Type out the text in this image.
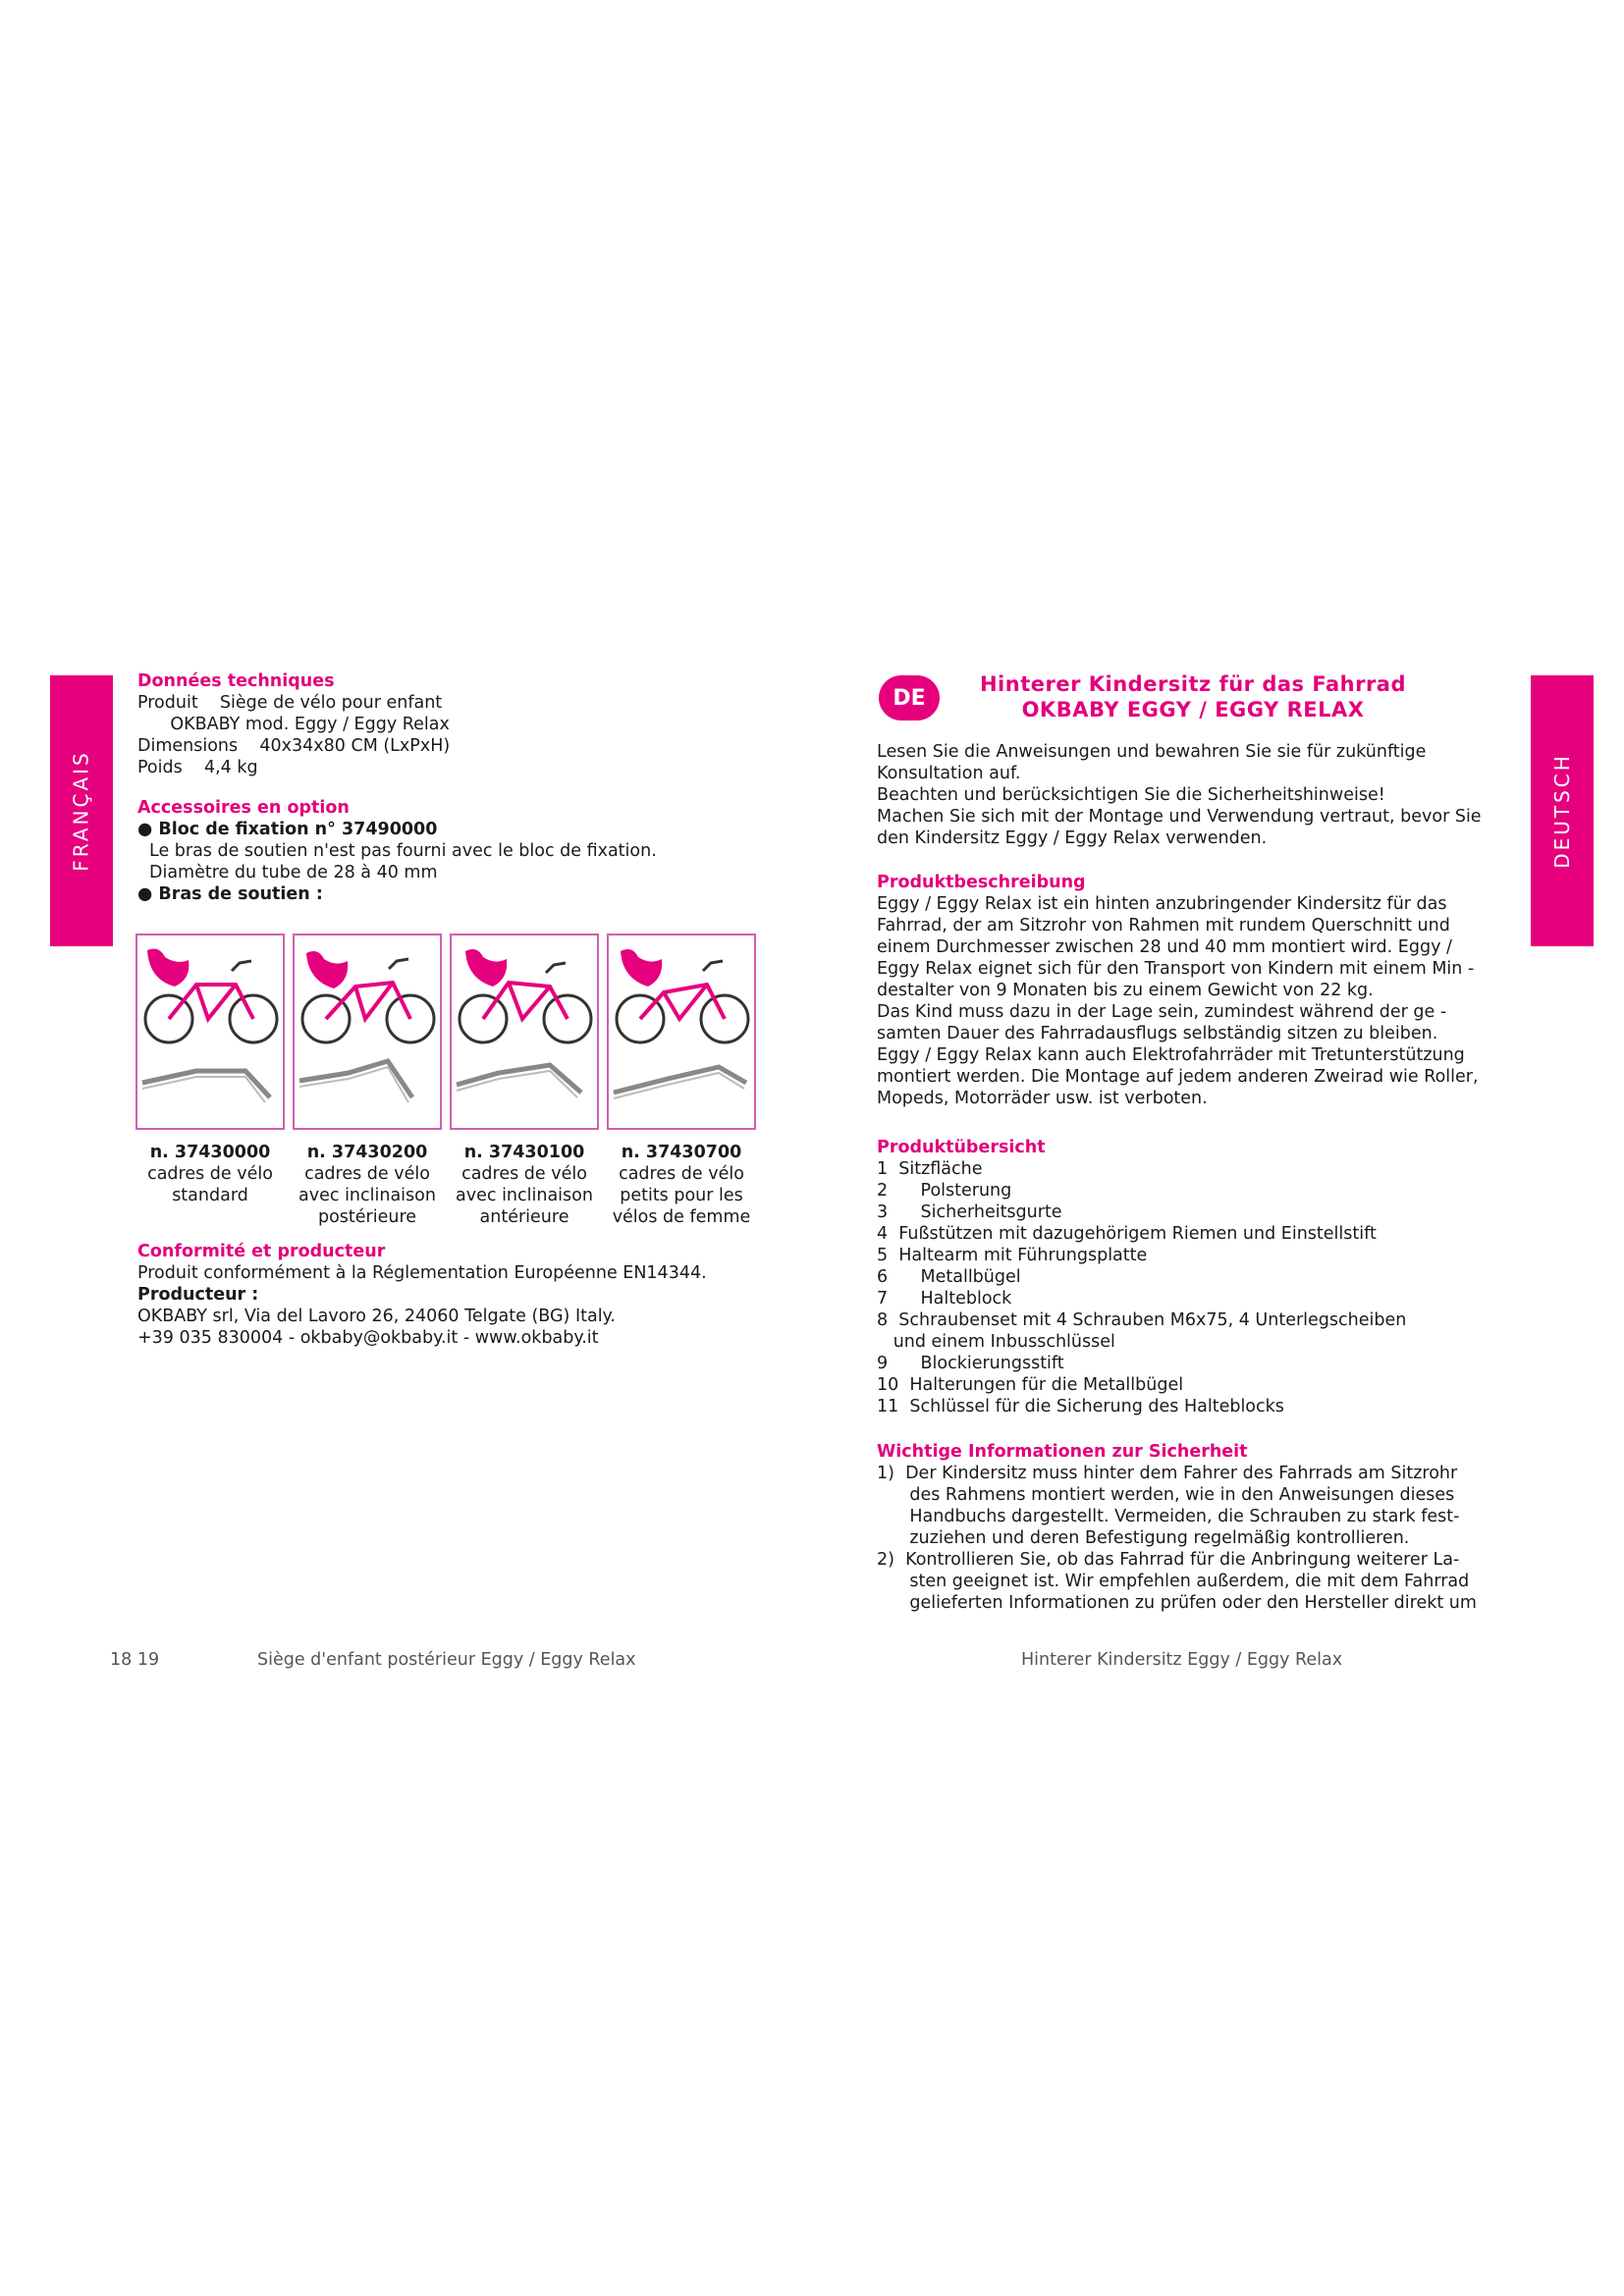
FRANÇAIS	DEUTSCH

Données techniques

Produit    Siège de vélo pour enfant

OKBABY mod. Eggy / Eggy Relax

Dimensions    40x34x80 CM (LxPxH)

Poids    4,4 kg

Accessoires en option

● Bloc de fixation n° 37490000

Le bras de soutien n'est pas fourni avec le bloc de fixation.

Diamètre du tube de 28 à 40 mm

● Bras de soutien :

n. 37430000
cadres de vélo
standard
n. 37430200
cadres de vélo
avec inclinaison
postérieure
n. 37430100
cadres de vélo
avec inclinaison
antérieure
n. 37430700
cadres de vélo
petits pour les
vélos de femme

Conformité et producteur

Produit conformément à la Réglementation Européenne EN14344.

Producteur :

OKBABY srl, Via del Lavoro 26, 24060 Telgate (BG) Italy.

+39 035 830004 - okbaby@okbaby.it - www.okbaby.it

DE
Hinterer Kindersitz für das Fahrrad
OKBABY EGGY / EGGY RELAX

Lesen Sie die Anweisungen und bewahren Sie sie für zukünftige

Konsultation auf.

Beachten und berücksichtigen Sie die Sicherheitshinweise!

Machen Sie sich mit der Montage und Verwendung vertraut, bevor Sie

den Kindersitz Eggy / Eggy Relax verwenden.

Produktbeschreibung

Eggy / Eggy Relax ist ein hinten anzubringender Kindersitz für das

Fahrrad, der am Sitzrohr von Rahmen mit rundem Querschnitt und

einem Durchmesser zwischen 28 und 40 mm montiert wird. Eggy /

Eggy Relax eignet sich für den Transport von Kindern mit einem Min -

destalter von 9 Monaten bis zu einem Gewicht von 22 kg.

Das Kind muss dazu in der Lage sein, zumindest während der ge -

samten Dauer des Fahrradausflugs selbständig sitzen zu bleiben.

Eggy / Eggy Relax kann auch Elektrofahrräder mit Tretunterstützung

montiert werden. Die Montage auf jedem anderen Zweirad wie Roller,

Mopeds, Motorräder usw. ist verboten.

Produktübersicht

1  Sitzfläche

2      Polsterung

3      Sicherheitsgurte

4  Fußstützen mit dazugehörigem Riemen und Einstellstift

5  Haltearm mit Führungsplatte

6      Metallbügel

7      Halteblock

8  Schraubenset mit 4 Schrauben M6x75, 4 Unterlegscheiben

und einem Inbusschlüssel

9      Blockierungsstift

10  Halterungen für die Metallbügel

11  Schlüssel für die Sicherung des Halteblocks

Wichtige Informationen zur Sicherheit

1)  Der Kindersitz muss hinter dem Fahrer des Fahrrads am Sitzrohr

des Rahmens montiert werden, wie in den Anweisungen dieses

Handbuchs dargestellt. Vermeiden, die Schrauben zu stark fest-

zuziehen und deren Befestigung regelmäßig kontrollieren.

2)  Kontrollieren Sie, ob das Fahrrad für die Anbringung weiterer La-

sten geeignet ist. Wir empfehlen außerdem, die mit dem Fahrrad

gelieferten Informationen zu prüfen oder den Hersteller direkt um

18 19	Siège d'enfant postérieur Eggy / Eggy Relax	Hinterer Kindersitz Eggy / Eggy Relax
